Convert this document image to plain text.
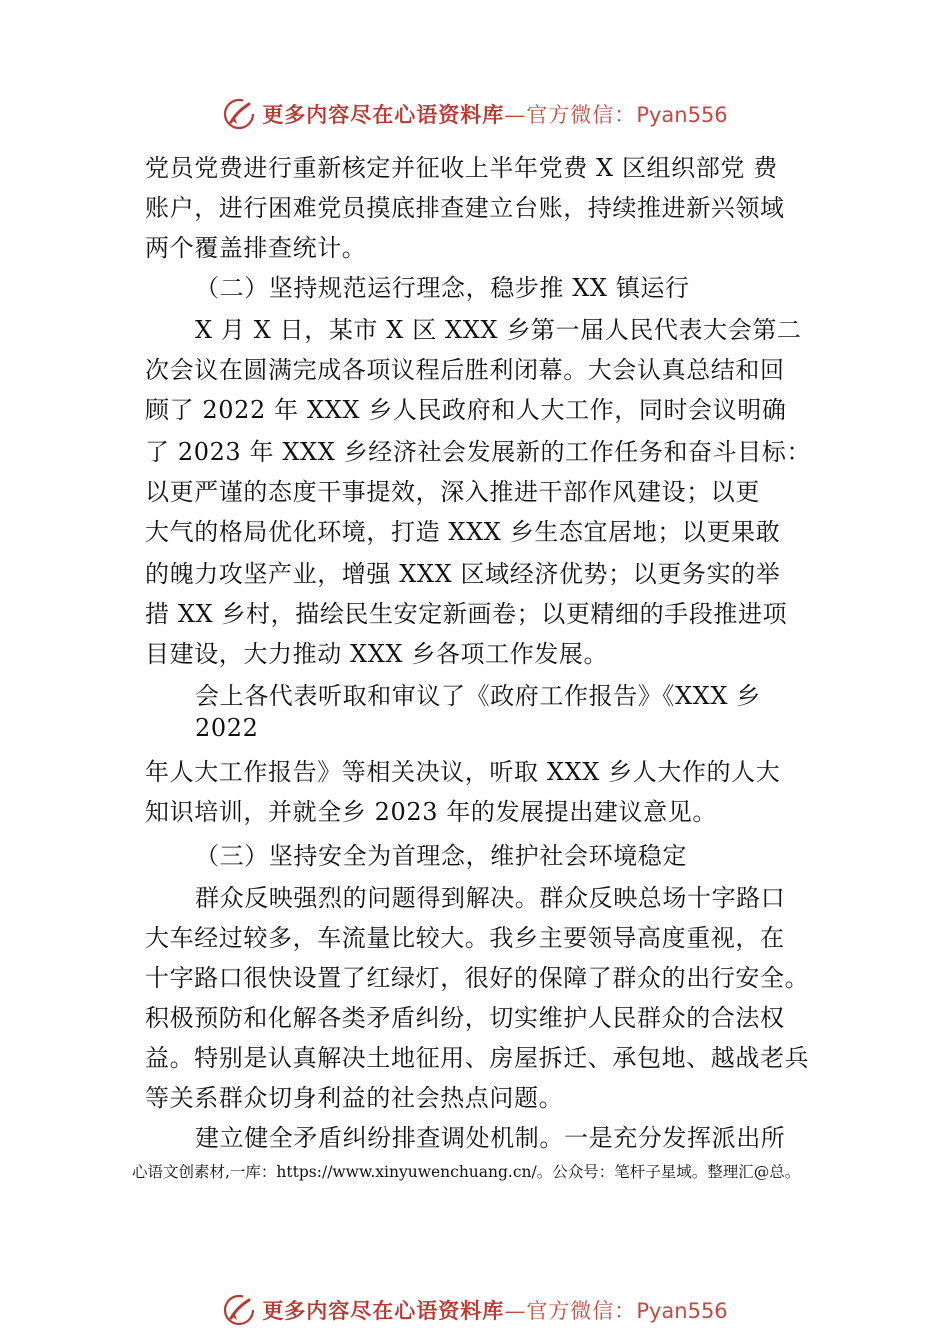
更多内容尽在心语资料库—官方微信：Pyan556
党员党费进行重新核定并征收上半年党费 X 区组织部党 费
账户，进行困难党员摸底排查建立台账，持续推进新兴领域
两个覆盖排查统计。
（二）坚持规范运行理念，稳步推 XX 镇运行
X 月 X 日，某市 X 区 XXX 乡第一届人民代表大会第二
次会议在圆满完成各项议程后胜利闭幕。大会认真总结和回
顾了 2022 年 XXX 乡人民政府和人大工作，同时会议明确
了 2023 年 XXX 乡经济社会发展新的工作任务和奋斗目标：
以更严谨的态度干事提效，深入推进干部作风建设；以更
大气的格局优化环境，打造 XXX 乡生态宜居地；以更果敢
的魄力攻坚产业，增强 XXX 区域经济优势；以更务实的举
措 XX 乡村，描绘民生安定新画卷；以更精细的手段推进项
目建设，大力推动 XXX 乡各项工作发展。
会上各代表听取和审议了《政府工作报告》《XXX 乡
2022
年人大工作报告》等相关决议，听取 XXX 乡人大作的人大
知识培训，并就全乡 2023 年的发展提出建议意见。
（三）坚持安全为首理念，维护社会环境稳定
群众反映强烈的问题得到解决。群众反映总场十字路口
大车经过较多，车流量比较大。我乡主要领导高度重视，在
十字路口很快设置了红绿灯，很好的保障了群众的出行安全。
积极预防和化解各类矛盾纠纷，切实维护人民群众的合法权
益。特别是认真解决土地征用、房屋拆迁、承包地、越战老兵
等关系群众切身利益的社会热点问题。
建立健全矛盾纠纷排查调处机制。一是充分发挥派出所
心语文创素材,一库：https://www.xinyuwenchuang.cn/。公众号：笔杆子星域。整理汇@总。
更多内容尽在心语资料库—官方微信：Pyan556
